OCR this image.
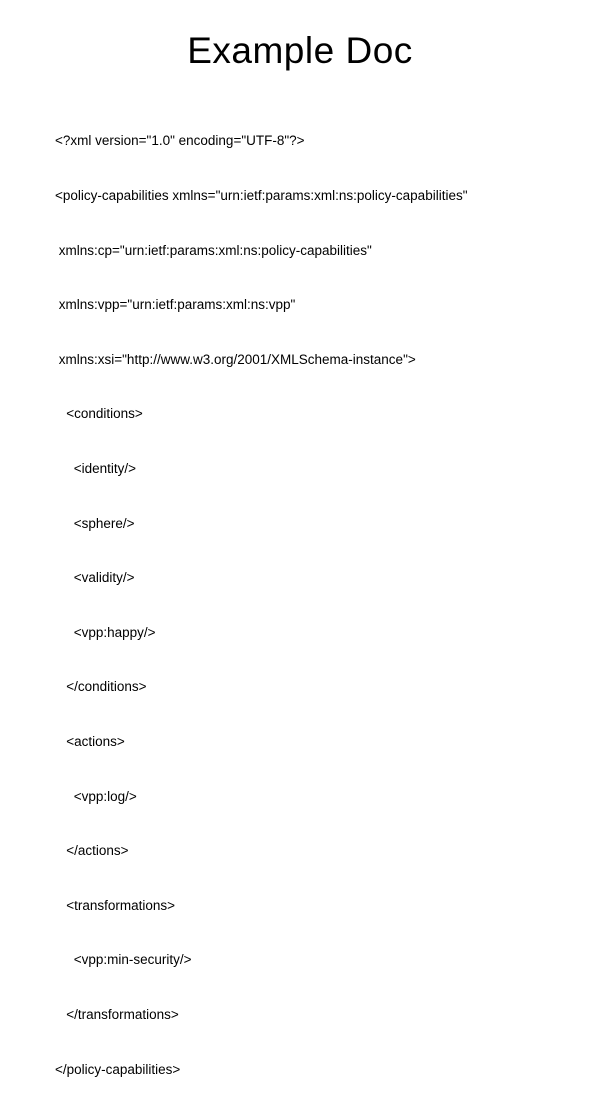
Example Doc

<?xml version="1.0" encoding="UTF-8"?>

<policy-capabilities xmlns="urn:ietf:params:xml:ns:policy-capabilities"

xmlns:cp="urn:ietf:params:xml:ns:policy-capabilities"

xmlns:vpp="urn:ietf:params:xml:ns:vpp"

xmlns:xsi="http://www.w3.org/2001/XMLSchema-instance">

<conditions>

<identity/>

<sphere/>

<validity/>

<vpp:happy/>

</conditions>

<actions>

<vpp:log/>

</actions>

<transformations>

<vpp:min-security/>

</transformations>

</policy-capabilities>
